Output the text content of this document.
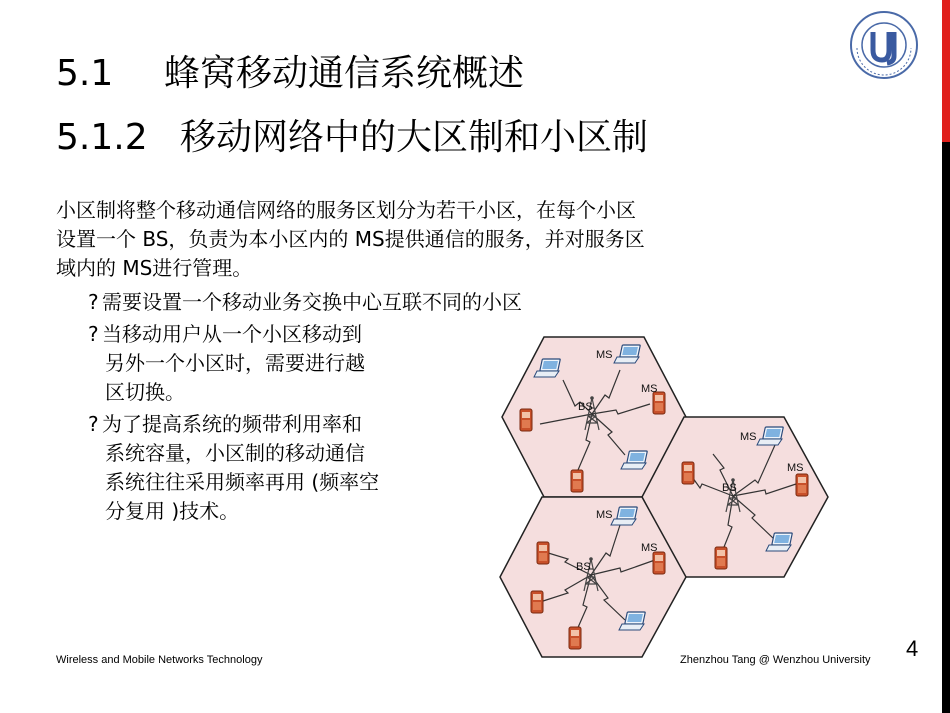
5.1 蜂窝移动通信系统概述
5.1.2 移动网络中的大区制和小区制
小区制将整个移动通信网络的服务区划分为若干小区，在每个小区
设置一个 BS，负责为本小区内的 MS提供通信的服务，并对服务区
域内的 MS进行管理。
? 需要设置一个移动业务交换中心互联不同的小区
? 当移动用户从一个小区移动到
另外一个小区时，需要进行越
区切换。
? 为了提高系统的频带利用率和
系统容量，小区制的移动通信
系统往往采用频率再用 (频率空
分复用 )技术。
MS
MS
BS
MS
MS
BS
MS
MS
BS
Wireless and Mobile Networks Technology	Zhenzhou Tang @ Wenzhou University 4
